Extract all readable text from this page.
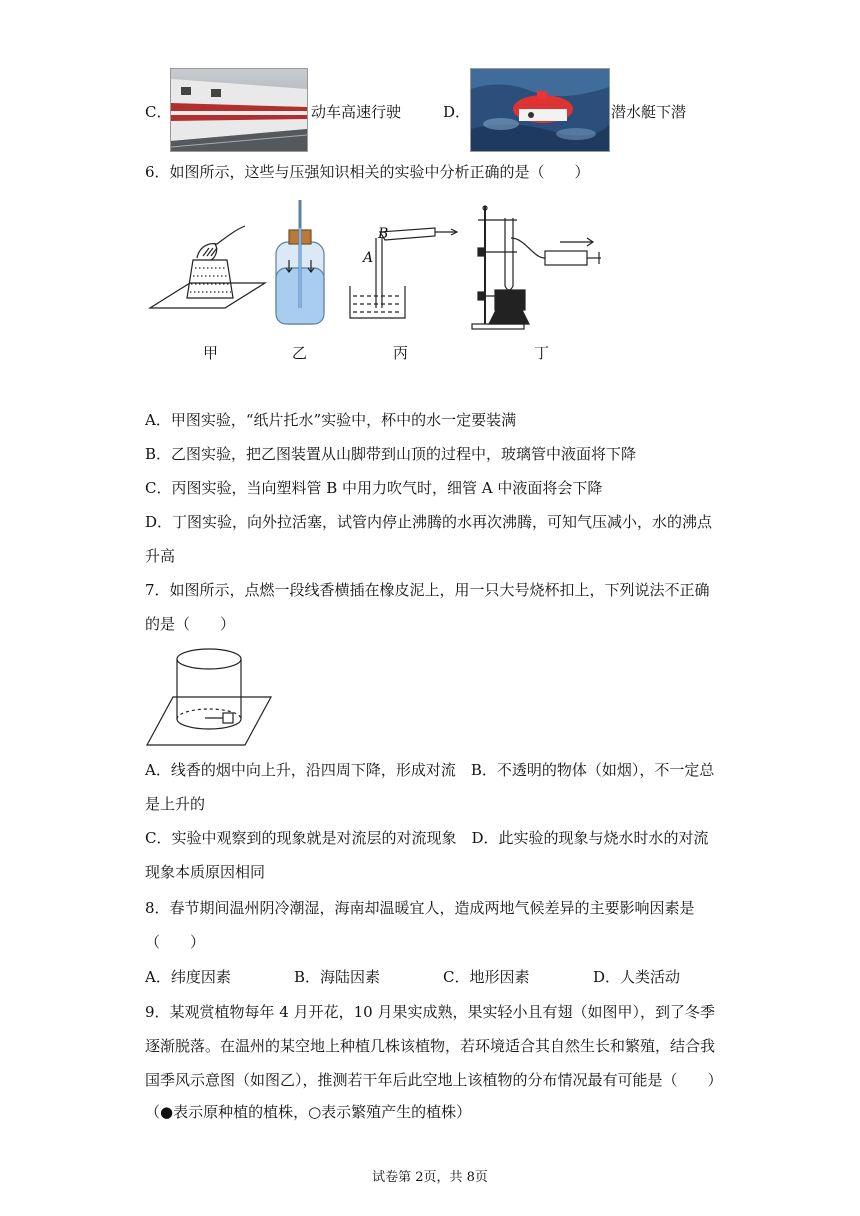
C．	动车高速行驶	D．	潜水艇下潜
6．如图所示，这些与压强知识相关的实验中分析正确的是（　　）
B
A
甲	乙	丙	丁
A．甲图实验，“纸片托水”实验中，杯中的水一定要装满
B．乙图实验，把乙图装置从山脚带到山顶的过程中，玻璃管中液面将下降
C．丙图实验，当向塑料管 B 中用力吹气时，细管 A 中液面将会下降
D．丁图实验，向外拉活塞，试管内停止沸腾的水再次沸腾，可知气压减小，水的沸点
升高
7．如图所示，点燃一段线香横插在橡皮泥上，用一只大号烧杯扣上，下列说法不正确
的是（　　）
A．线香的烟中向上升，沿四周下降，形成对流　B．不透明的物体（如烟），不一定总
是上升的
C．实验中观察到的现象就是对流层的对流现象　D．此实验的现象与烧水时水的对流
现象本质原因相同
8．春节期间温州阴冷潮湿，海南却温暖宜人，造成两地气候差异的主要影响因素是
（　　）
A．纬度因素	B．海陆因素	C．地形因素	D．人类活动
9．某观赏植物每年 4 月开花，10 月果实成熟，果实轻小且有翅（如图甲），到了冬季
逐渐脱落。在温州的某空地上种植几株该植物，若环境适合其自然生长和繁殖，结合我
国季风示意图（如图乙），推测若干年后此空地上该植物的分布情况最有可能是（　　）
（●表示原种植的植株，○表示繁殖产生的植株）
试卷第 2页，共 8页
